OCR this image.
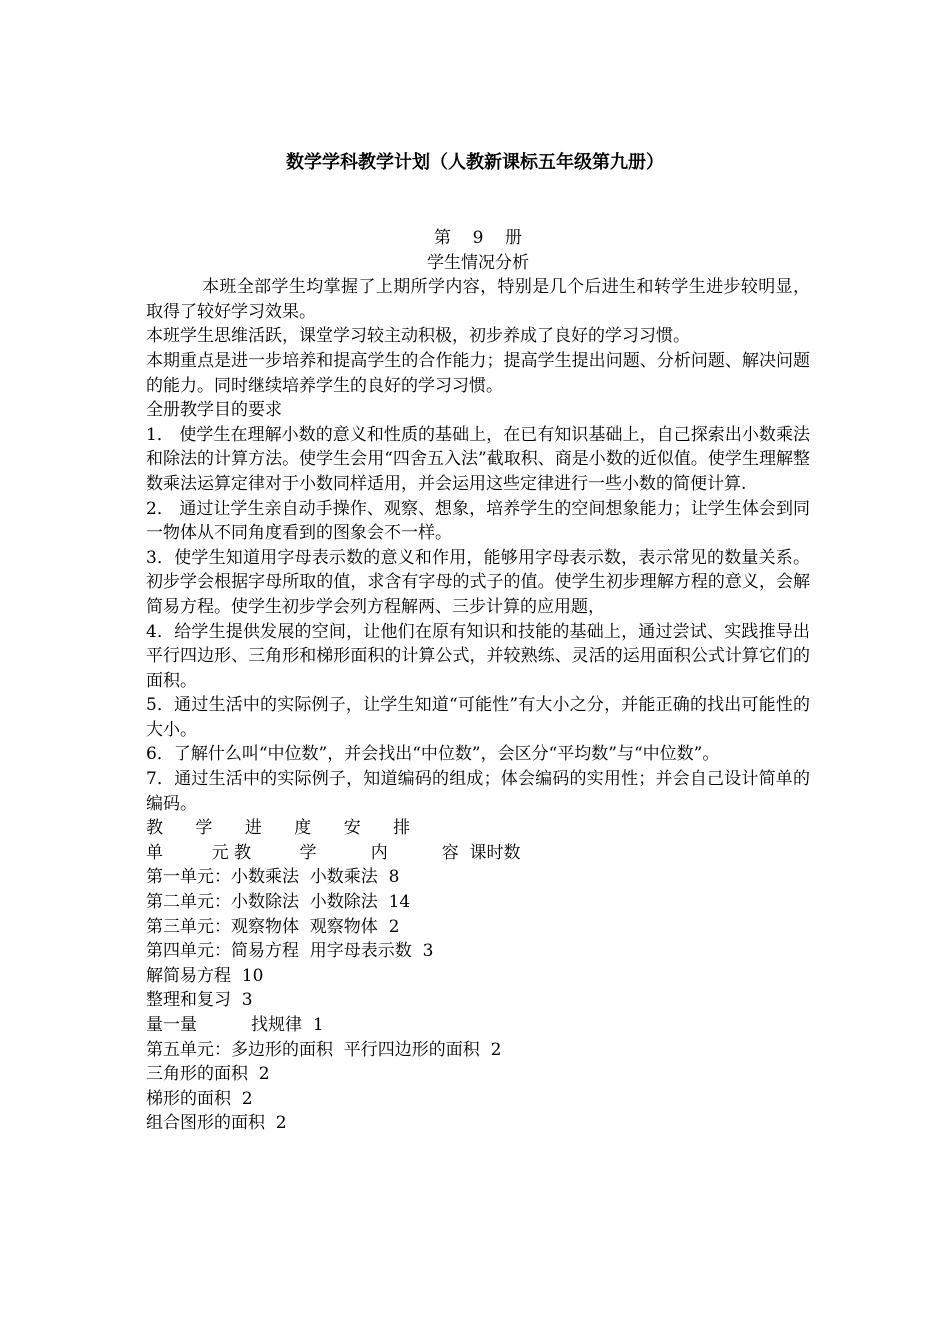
数学学科教学计划（人教新课标五年级第九册）
第    9    册
学生情况分析

本班全部学生均掌握了上期所学内容，特别是几个后进生和转学生进步较明显，取得了较好学习效果。

本班学生思维活跃，课堂学习较主动积极，初步养成了良好的学习习惯。

本期重点是进一步培养和提高学生的合作能力；提高学生提出问题、分析问题、解决问题的能力。同时继续培养学生的良好的学习习惯。

全册教学目的要求

1． 使学生在理解小数的意义和性质的基础上，在已有知识基础上，自己探索出小数乘法和除法的计算方法。使学生会用“四舍五入法”截取积、商是小数的近似值。使学生理解整数乘法运算定律对于小数同样适用，并会运用这些定律进行一些小数的简便计算.

2． 通过让学生亲自动手操作、观察、想象，培养学生的空间想象能力；让学生体会到同一物体从不同角度看到的图象会不一样。

3．使学生知道用字母表示数的意义和作用，能够用字母表示数，表示常见的数量关系。初步学会根据字母所取的值，求含有字母的式子的值。使学生初步理解方程的意义，会解简易方程。使学生初步学会列方程解两、三步计算的应用题，

4．给学生提供发展的空间，让他们在原有知识和技能的基础上，通过尝试、实践推导出平行四边形、三角形和梯形面积的计算公式，并较熟练、灵活的运用面积公式计算它们的面积。

5．通过生活中的实际例子，让学生知道“可能性”有大小之分，并能正确的找出可能性的大小。

6．了解什么叫“中位数”，并会找出“中位数”，会区分“平均数”与“中位数”。

7．通过生活中的实际例子，知道编码的组成；体会编码的实用性；并会自己设计简单的编码。

教      学      进      度      安      排

单         元 教         学          内          容  课时数

第一单元：小数乘法  小数乘法  8

第二单元：小数除法  小数除法  14

第三单元：观察物体  观察物体  2

第四单元：简易方程  用字母表示数  3

解简易方程  10

整理和复习  3

量一量          找规律  1

第五单元：多边形的面积  平行四边形的面积  2

三角形的面积  2

梯形的面积  2

组合图形的面积  2
